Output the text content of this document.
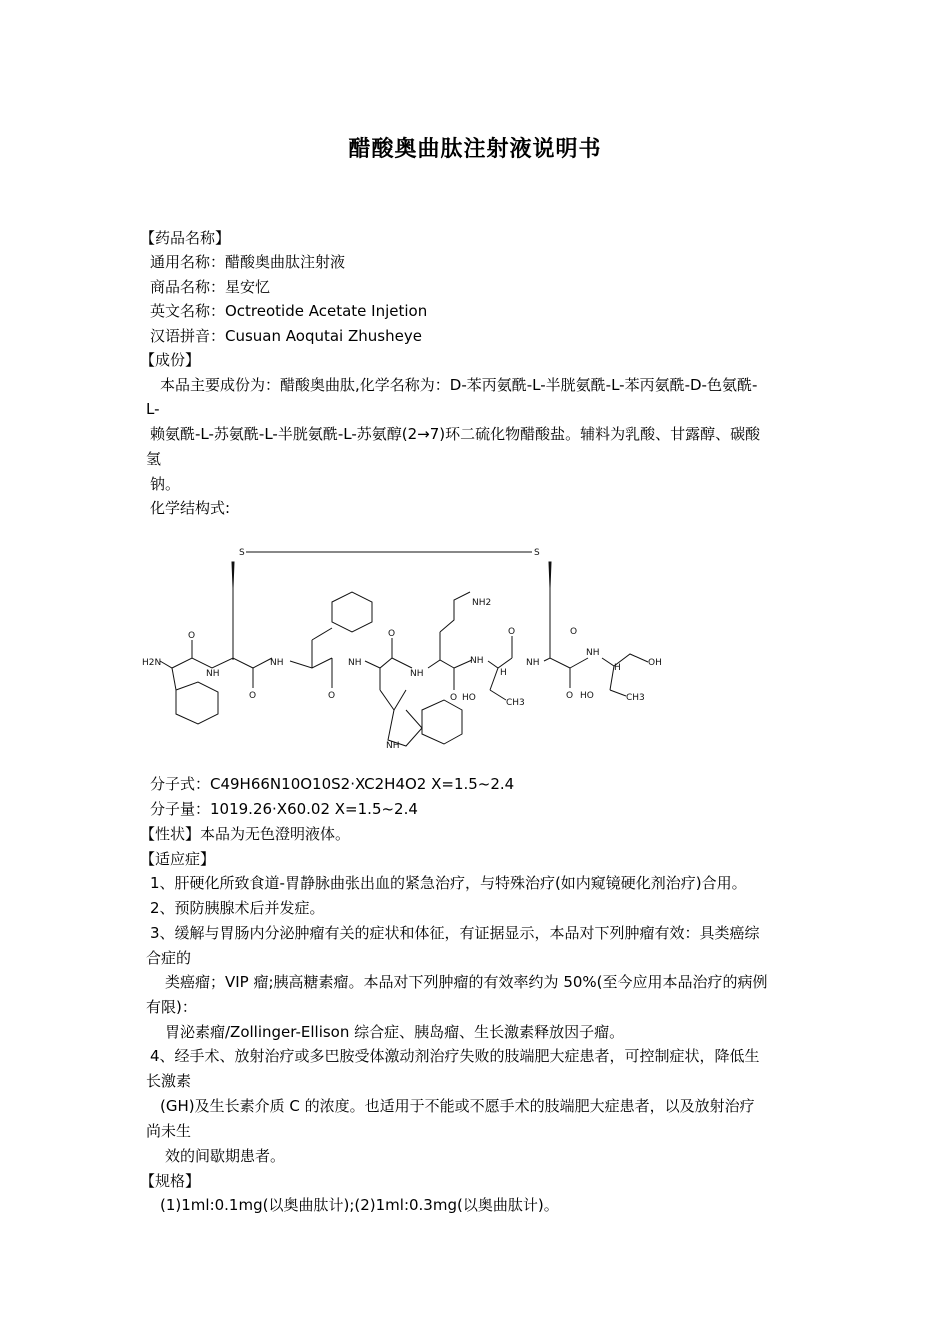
醋酸奥曲肽注射液说明书
【药品名称】
通用名称：醋酸奥曲肽注射液
商品名称：星安忆
英文名称：Octreotide Acetate Injetion
汉语拼音：Cusuan Aoqutai Zhusheye
【成份】
本品主要成份为：醋酸奥曲肽,化学名称为：D-苯丙氨酰-L-半胱氨酰-L-苯丙氨酰-D-色氨酰-
L-
赖氨酰-L-苏氨酰-L-半胱氨酰-L-苏氨醇(2→7)环二硫化物醋酸盐。辅料为乳酸、甘露醇、碳酸
氢
钠。
化学结构式:
S	S
H2N
O
NH
O
NH
O
NH
O
NH
NH
O
NH2
NH
H
HO	CH3
O
NH
O
NH
H	OH
HO	CH3
O
分子式：C49H66N10O10S2·XC2H4O2 X=1.5~2.4
分子量：1019.26·X60.02 X=1.5~2.4
【性状】本品为无色澄明液体。
【适应症】
1、肝硬化所致食道-胃静脉曲张出血的紧急治疗，与特殊治疗(如内窥镜硬化剂治疗)合用。
2、预防胰腺术后并发症。
3、缓解与胃肠内分泌肿瘤有关的症状和体征，有证据显示，本品对下列肿瘤有效：具类癌综
合症的
类癌瘤；VIP 瘤;胰高糖素瘤。本品对下列肿瘤的有效率约为 50%(至今应用本品治疗的病例
有限)：
胃泌素瘤/Zollinger-Ellison 综合症、胰岛瘤、生长激素释放因子瘤。
4、经手术、放射治疗或多巴胺受体激动剂治疗失败的肢端肥大症患者，可控制症状，降低生
长激素
(GH)及生长素介质 C 的浓度。也适用于不能或不愿手术的肢端肥大症患者，以及放射治疗
尚未生
效的间歇期患者。
【规格】
(1)1ml:0.1mg(以奥曲肽计);(2)1ml:0.3mg(以奥曲肽计)。
